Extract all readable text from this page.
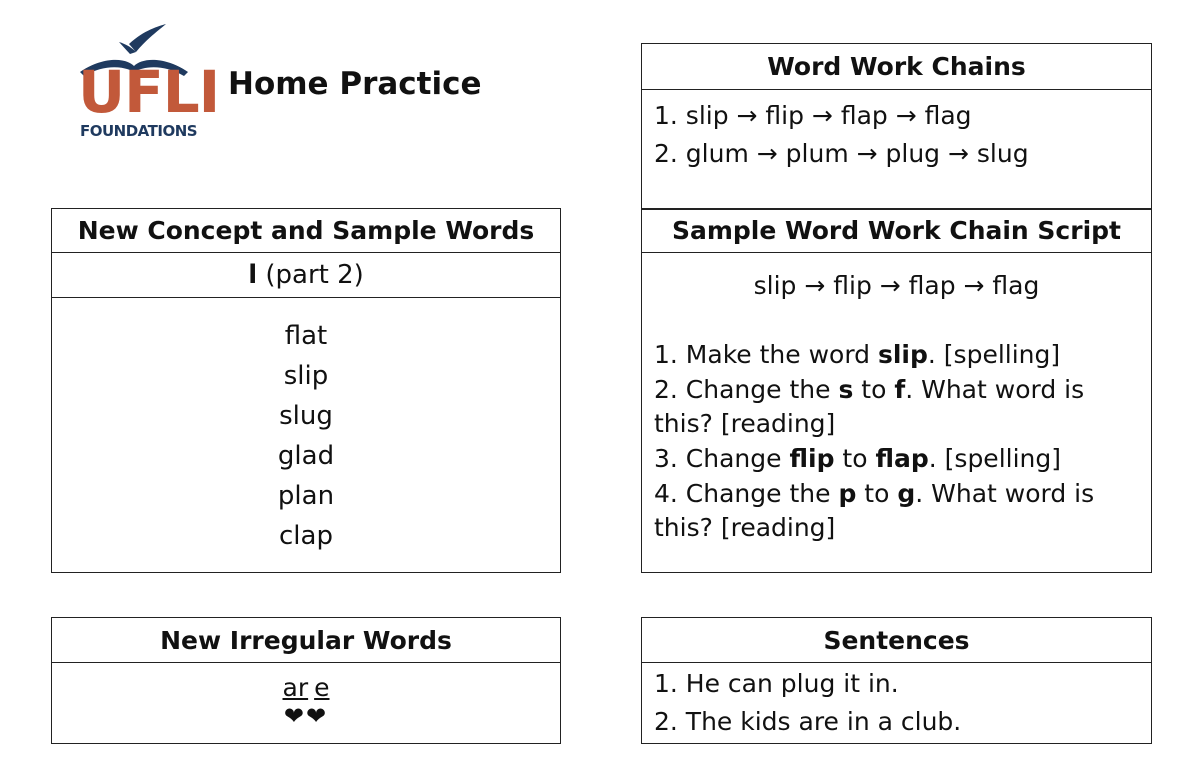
UFLI
FOUNDATIONS
Home Practice
New Concept and Sample Words
l (part 2)
flat
slip
slug
glad
plan
clap
New Irregular Words
ar e
❤❤
Word Work Chains
1. slip → flip → flap → flag
2. glum → plum → plug → slug
Sample Word Work Chain Script
slip → flip → flap → flag

1. Make the word slip. [spelling]

2. Change the s to f. What word is this? [reading]

3. Change flip to flap. [spelling]

4. Change the p to g. What word is this? [reading]

Sentences
1. He can plug it in.
2. The kids are in a club.
